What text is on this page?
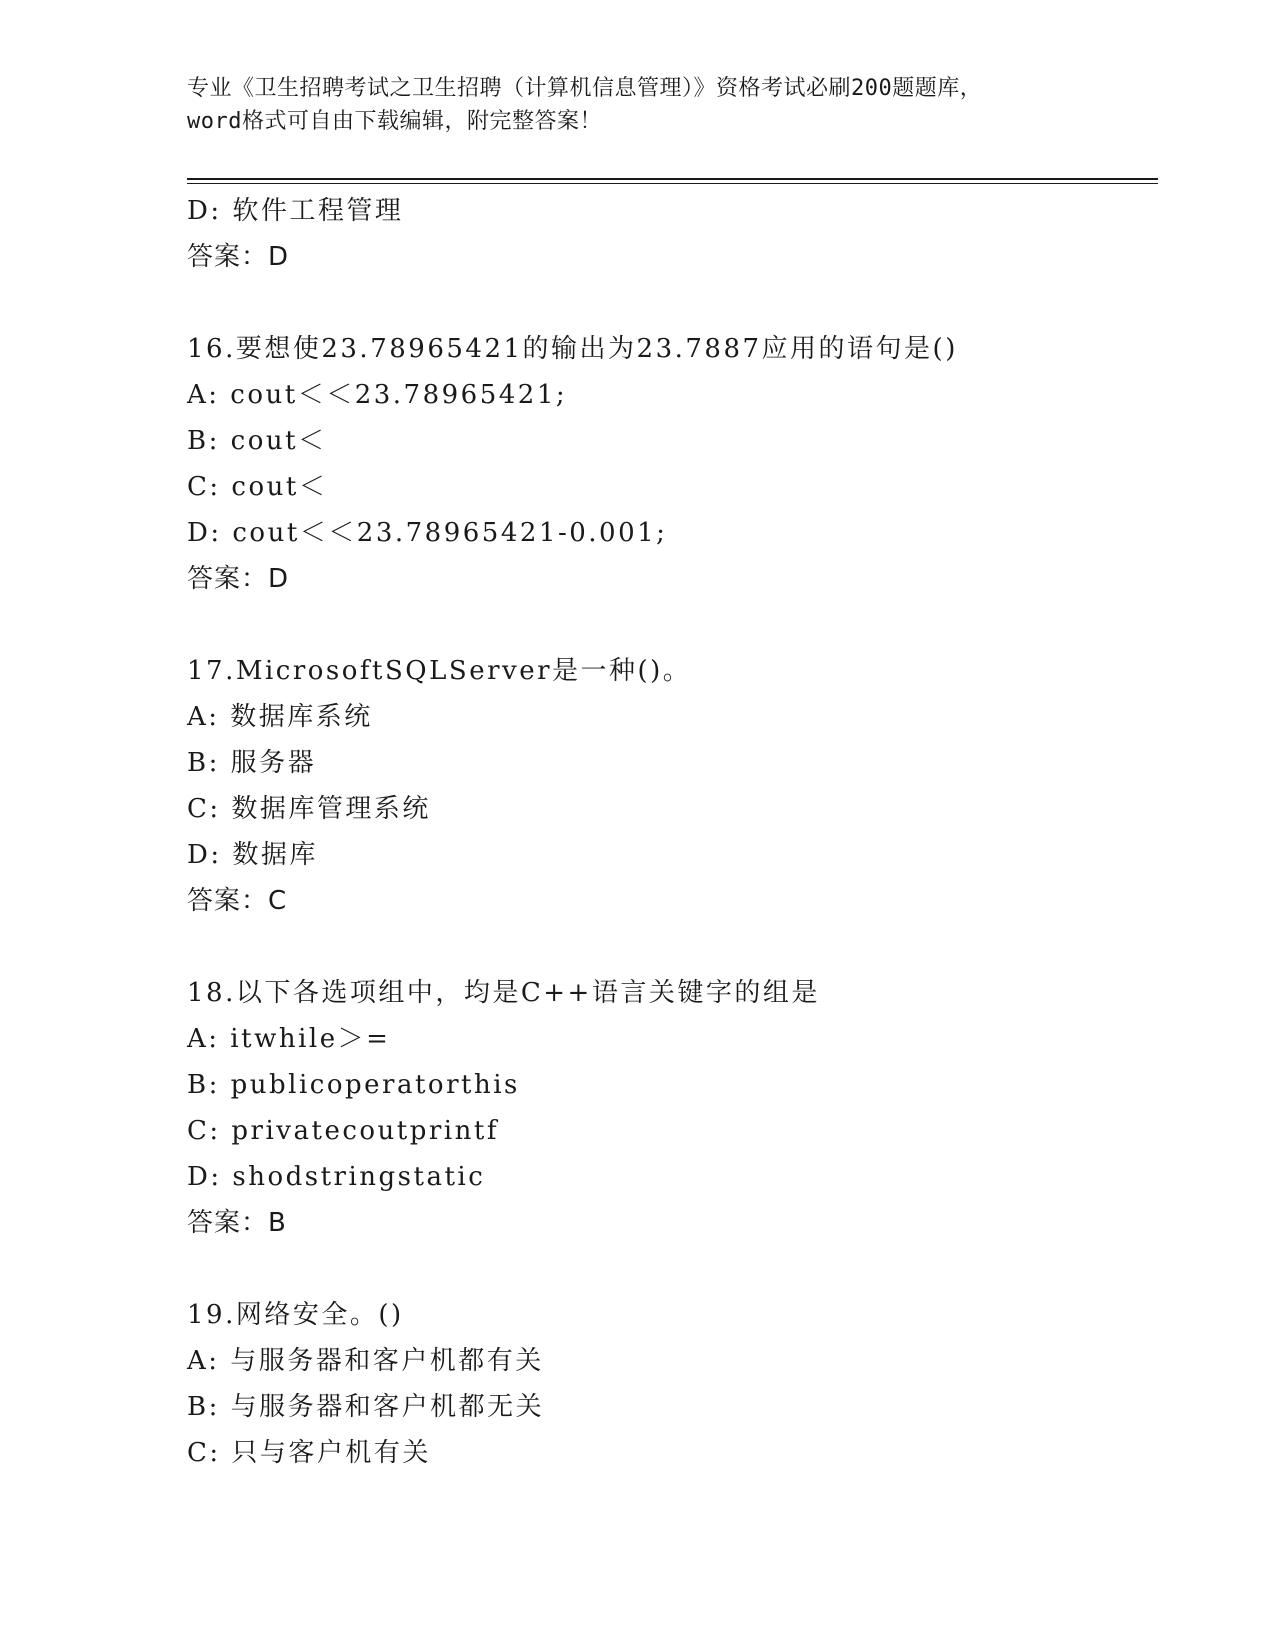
专业《卫生招聘考试之卫生招聘（计算机信息管理）》资格考试必刷200题题库，

word格式可自由下载编辑，附完整答案！

D: 软件工程管理
答案：D
16.要想使23.78965421的输出为23.7887应用的语句是()
A: cout＜＜23.78965421;
B: cout＜
C: cout＜
D: cout＜＜23.78965421-0.001;
答案：D
17.MicrosoftSQLServer是一种()。
A: 数据库系统
B: 服务器
C: 数据库管理系统
D: 数据库
答案：C
18.以下各选项组中，均是C++语言关键字的组是
A: itwhile＞=
B: publicoperatorthis
C: privatecoutprintf
D: shodstringstatic
答案：B
19.网络安全。()
A: 与服务器和客户机都有关
B: 与服务器和客户机都无关
C: 只与客户机有关
